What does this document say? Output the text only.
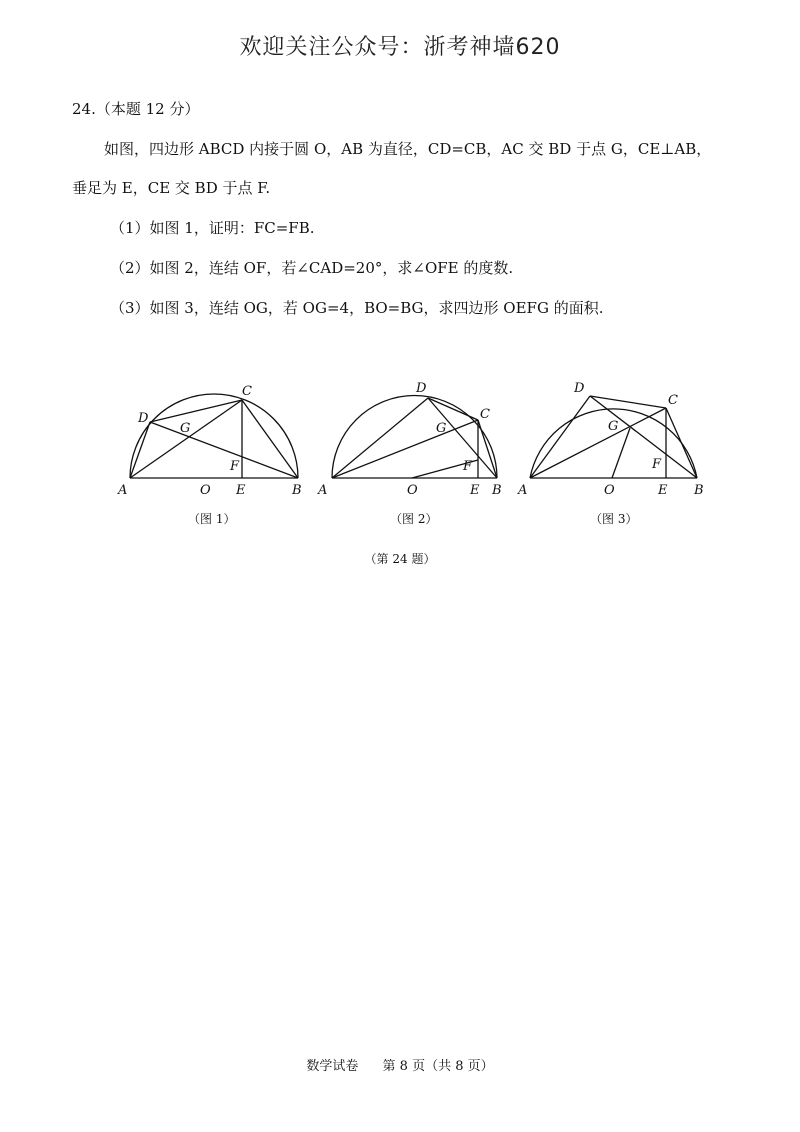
欢迎关注公众号：浙考神墙620
24.（本题 12 分）
如图，四边形 ABCD 内接于圆 O，AB 为直径，CD=CB，AC 交 BD 于点 G，CE⊥AB，
垂足为 E，CE 交 BD 于点 F.
（1）如图 1，证明：FC=FB.
（2）如图 2，连结 OF，若∠CAD=20°，求∠OFE 的度数.
（3）如图 3，连结 OG，若 OG=4，BO=BG，求四边形 OEFG 的面积.
A	B
C
D
O E
F
G
A	B
C
D
O	E
F
G
A	B
C
D
O	E
F
G
（图 1）	（图 2）	（图 3）
（第 24 题）
数学试卷 第 8 页（共 8 页）
